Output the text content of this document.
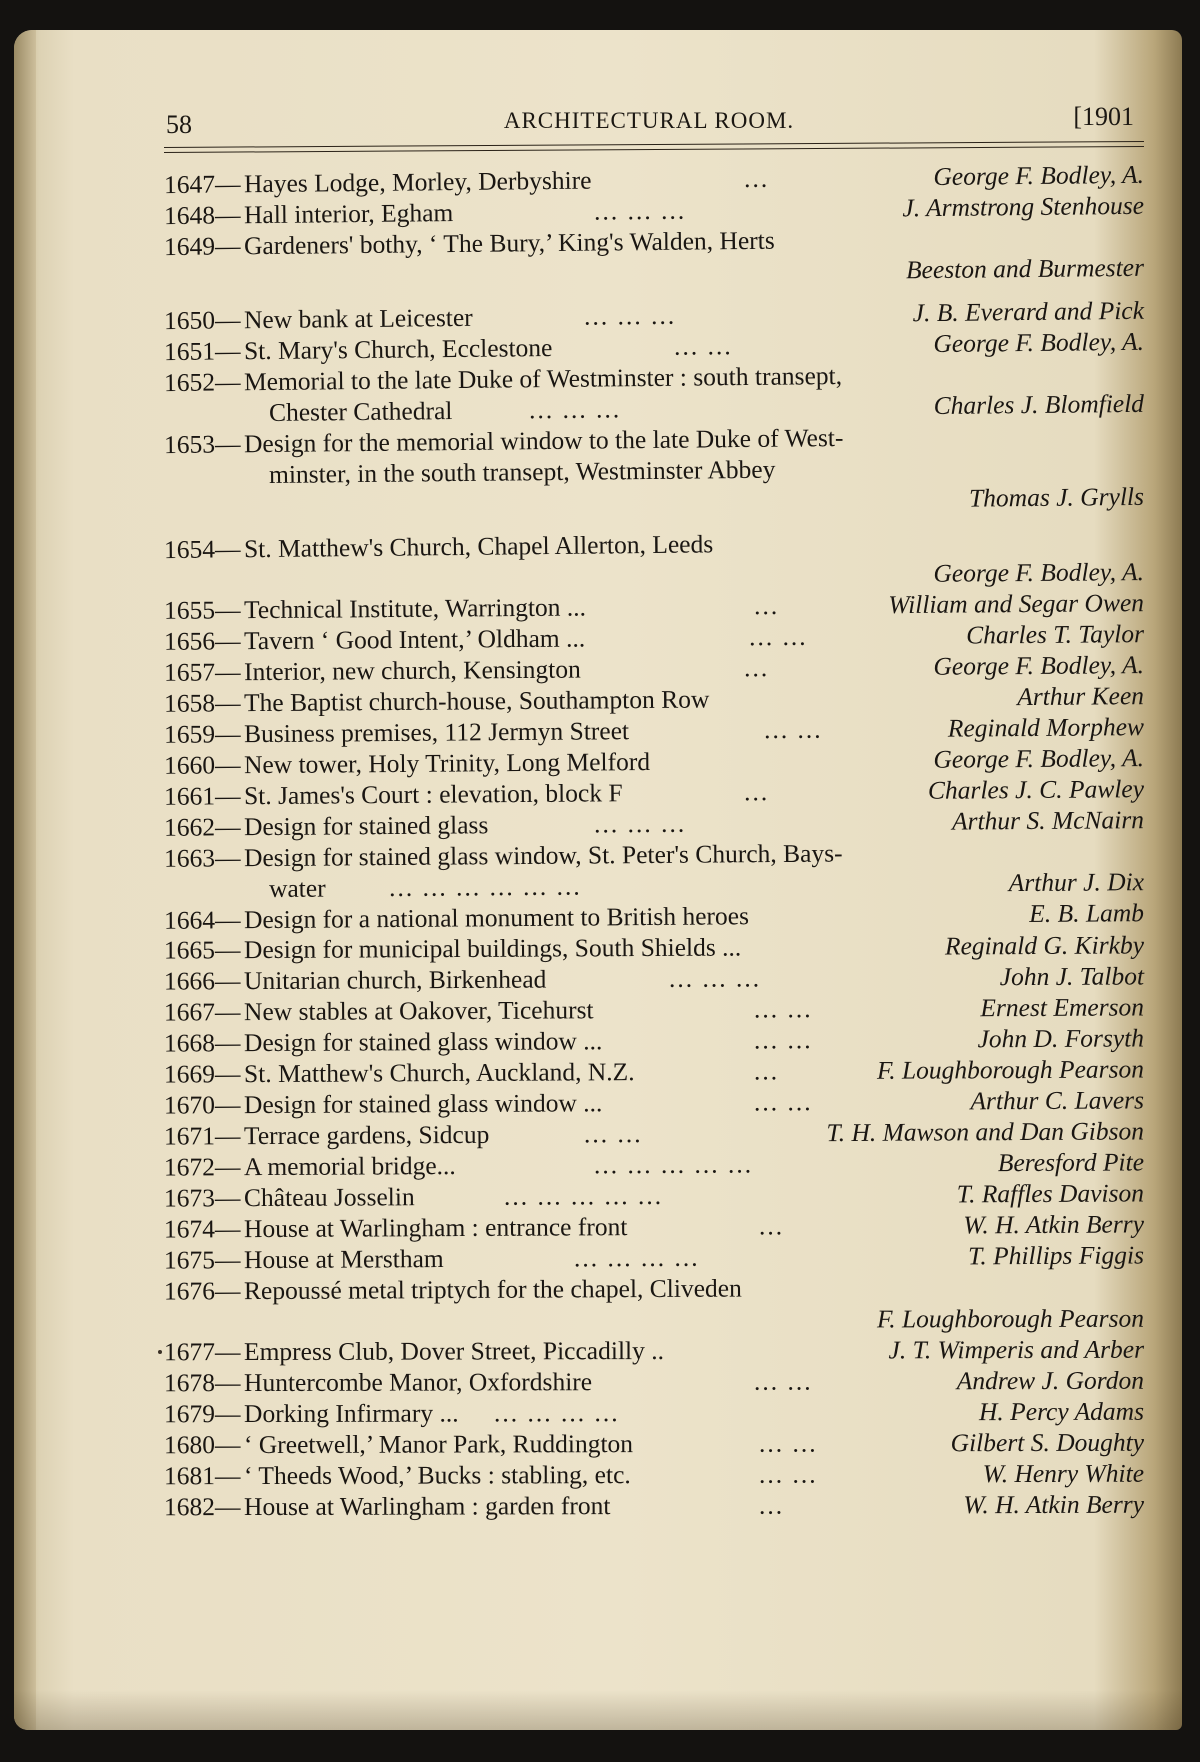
58	ARCHITECTURAL ROOM.	[1901
1647— Hayes Lodge, Morley, Derbyshire	...	George F. Bodley, A.
1648— Hall interior, Egham	... ... ...	J. Armstrong Stenhouse
1649— Gardeners' bothy, ‘ The Bury,’ King's Walden, Herts
Beeston and Burmester
1650— New bank at Leicester	... ... ...	J. B. Everard and Pick
1651— St. Mary's Church, Ecclestone	... ...	George F. Bodley, A.
1652— Memorial to the late Duke of Westminster : south transept,
Chester Cathedral	... ... ...	Charles J. Blomfield
1653— Design for the memorial window to the late Duke of West-
minster, in the south transept, Westminster Abbey
Thomas J. Grylls
1654— St. Matthew's Church, Chapel Allerton, Leeds
George F. Bodley, A.
1655— Technical Institute, Warrington ...	...	William and Segar Owen
1656— Tavern ‘ Good Intent,’ Oldham ...	... ...	Charles T. Taylor
1657— Interior, new church, Kensington	...	George F. Bodley, A.
1658— The Baptist church-house, Southampton Row	Arthur Keen
1659— Business premises, 112 Jermyn Street	... ...	Reginald Morphew
1660— New tower, Holy Trinity, Long Melford	George F. Bodley, A.
1661— St. James's Court : elevation, block F	...	Charles J. C. Pawley
1662— Design for stained glass	... ... ...	Arthur S. McNairn
1663— Design for stained glass window, St. Peter's Church, Bays-
water ... ... ... ... ... ...	Arthur J. Dix
1664— Design for a national monument to British heroes	E. B. Lamb
1665— Design for municipal buildings, South Shields ...	Reginald G. Kirkby
1666— Unitarian church, Birkenhead	... ... ...	John J. Talbot
1667— New stables at Oakover, Ticehurst	... ...	Ernest Emerson
1668— Design for stained glass window ...	... ...	John D. Forsyth
1669— St. Matthew's Church, Auckland, N.Z.	...	F. Loughborough Pearson
1670— Design for stained glass window ...	... ...	Arthur C. Lavers
1671— Terrace gardens, Sidcup	... ...	T. H. Mawson and Dan Gibson
1672— A memorial bridge...	... ... ... ... ...	Beresford Pite
1673— Château Josselin	... ... ... ... ...	T. Raffles Davison
1674— House at Warlingham : entrance front	...	W. H. Atkin Berry
1675— House at Merstham	... ... ... ...	T. Phillips Figgis
1676— Repoussé metal triptych for the chapel, Cliveden
F. Loughborough Pearson
1677— Empress Club, Dover Street, Piccadilly ..	J. T. Wimperis and Arber
1678— Huntercombe Manor, Oxfordshire	... ...	Andrew J. Gordon
1679— Dorking Infirmary ... ... ... ... ...	H. Percy Adams
1680— ‘ Greetwell,’ Manor Park, Ruddington	... ...	Gilbert S. Doughty
1681— ‘ Theeds Wood,’ Bucks : stabling, etc.	... ...	W. Henry White
1682— House at Warlingham : garden front	...	W. H. Atkin Berry
